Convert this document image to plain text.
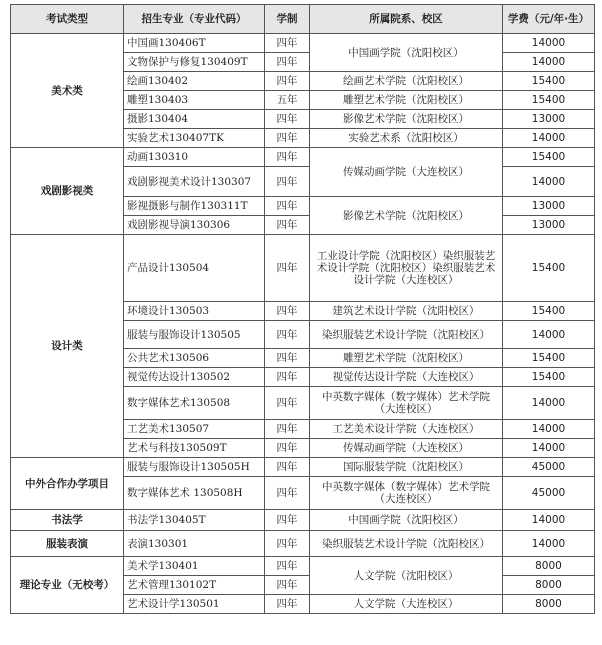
考试类型	招生专业（专业代码）	学制	所属院系、校区	学费（元/年·生）
美术类	中国画130406T	四年	中国画学院（沈阳校区）	14000
	文物保护与修复130409T	四年		14000
	绘画130402	四年	绘画艺术学院（沈阳校区）	15400
	雕塑130403	五年	雕塑艺术学院（沈阳校区）	15400
	摄影130404	四年	影像艺术学院（沈阳校区）	13000
	实验艺术130407TK	四年	实验艺术系（沈阳校区）	14000
戏剧影视类	动画130310	四年	传媒动画学院（大连校区）	15400
	戏剧影视美术设计130307	四年		14000
	影视摄影与制作130311T	四年	影像艺术学院（沈阳校区）	13000
	戏剧影视导演130306	四年		13000
设计类	产品设计130504	四年	工业设计学院（沈阳校区）染织服装艺术设计学院（沈阳校区）染织服装艺术设计学院（大连校区）	15400
	环境设计130503	四年	建筑艺术设计学院（沈阳校区）	15400
	服装与服饰设计130505	四年	染织服装艺术设计学院（沈阳校区）	14000
	公共艺术130506	四年	雕塑艺术学院（沈阳校区）	15400
	视觉传达设计130502	四年	视觉传达设计学院（大连校区）	15400
	数字媒体艺术130508	四年	中英数字媒体（数字媒体）艺术学院（大连校区）	14000
	工艺美术130507	四年	工艺美术设计学院（大连校区）	14000
	艺术与科技130509T	四年	传媒动画学院（大连校区）	14000
中外合作办学项目	服装与服饰设计130505H	四年	国际服装学院（沈阳校区）	45000
	数字媒体艺术 130508H	四年	中英数字媒体（数字媒体）艺术学院（大连校区）	45000
书法学	书法学130405T	四年	中国画学院（沈阳校区）	14000
服装表演	表演130301	四年	染织服装艺术设计学院（沈阳校区）	14000
理论专业（无校考）	美术学130401	四年	人文学院（沈阳校区）	8000
	艺术管理130102T	四年		8000
	艺术设计学130501	四年	人文学院（大连校区）	8000
